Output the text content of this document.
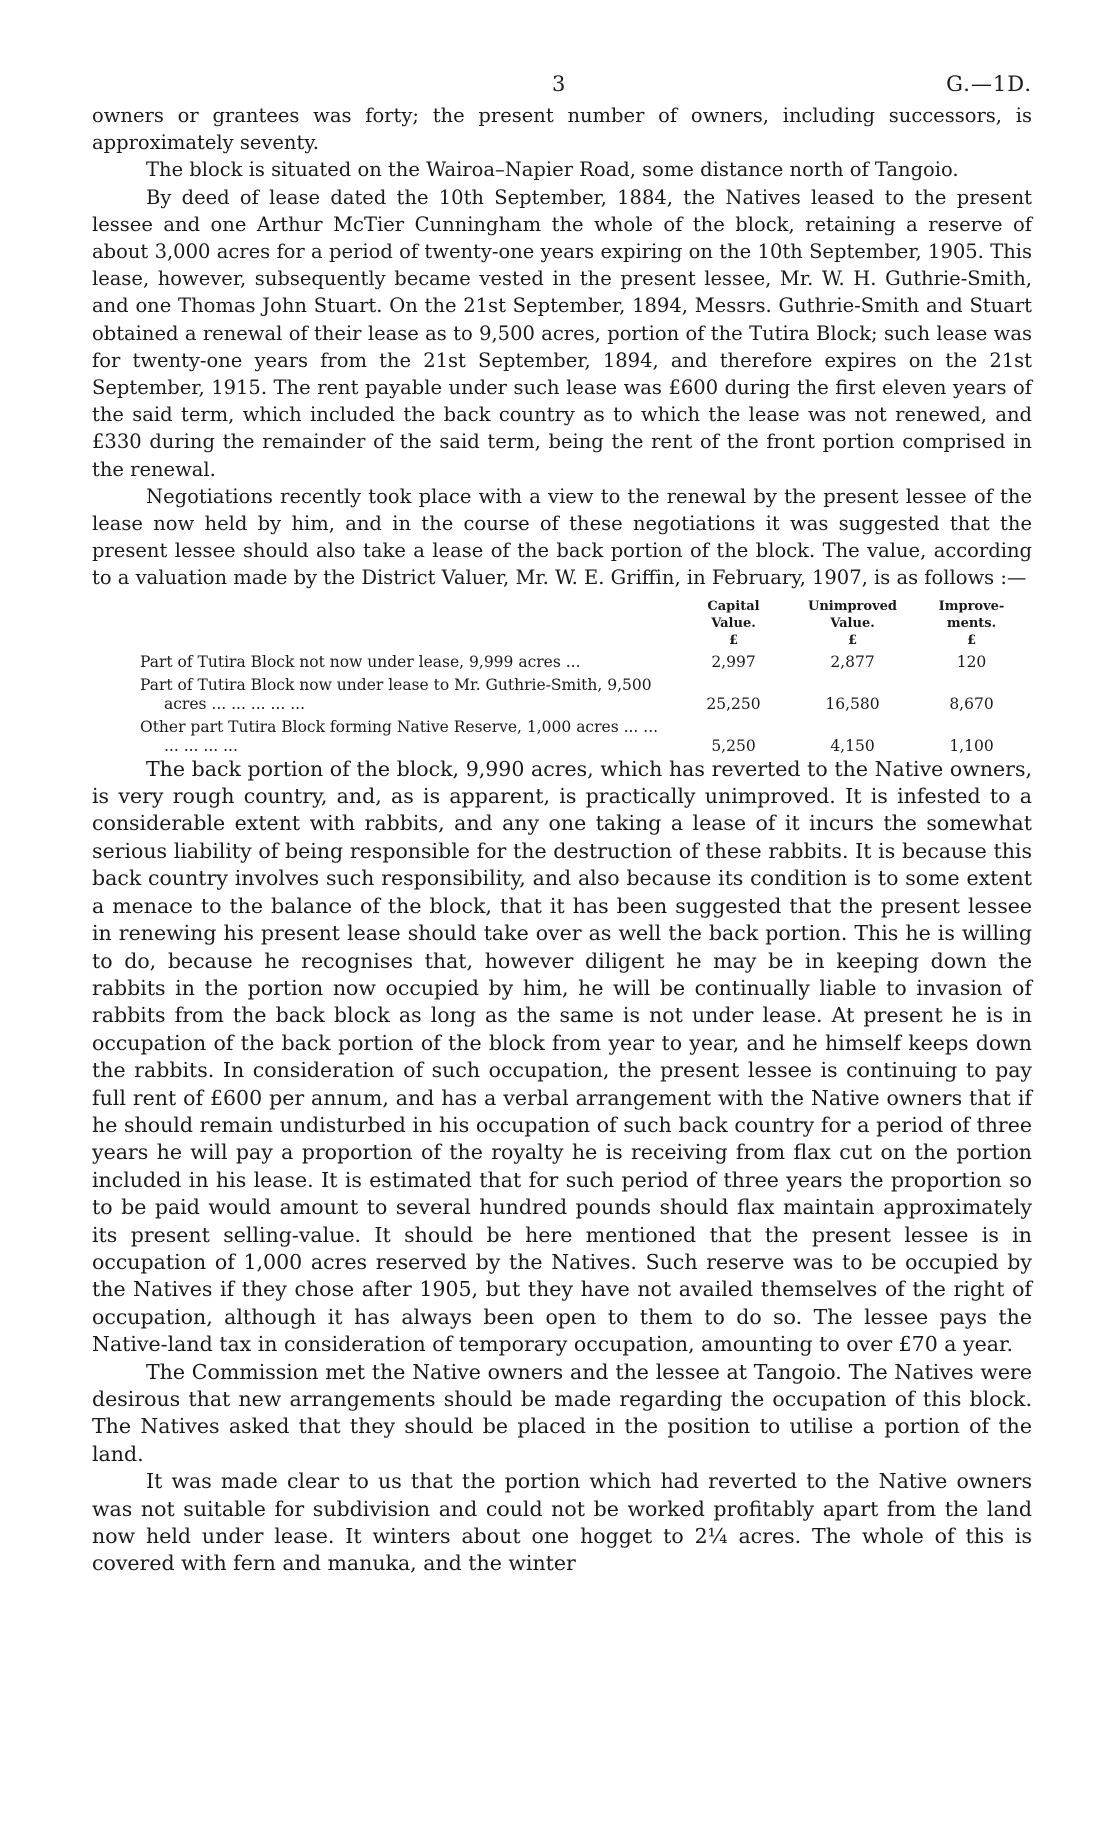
3	G.—1D.

owners or grantees was forty; the present number of owners, including successors, is approximately seventy.

The block is situated on the Wairoa–Napier Road, some distance north of Tangoio.

By deed of lease dated the 10th September, 1884, the Natives leased to the present lessee and one Arthur McTier Cunningham the whole of the block, retaining a reserve of about 3,000 acres for a period of twenty-one years expiring on the 10th September, 1905. This lease, however, subsequently became vested in the present lessee, Mr. W. H. Guthrie-Smith, and one Thomas John Stuart. On the 21st September, 1894, Messrs. Guthrie-Smith and Stuart obtained a renewal of their lease as to 9,500 acres, portion of the Tutira Block; such lease was for twenty-one years from the 21st September, 1894, and therefore expires on the 21st September, 1915. The rent payable under such lease was £600 during the first eleven years of the said term, which included the back country as to which the lease was not renewed, and £330 during the remainder of the said term, being the rent of the front portion comprised in the renewal.

Negotiations recently took place with a view to the renewal by the present lessee of the lease now held by him, and in the course of these negotiations it was suggested that the present lessee should also take a lease of the back portion of the block. The value, according to a valuation made by the District Valuer, Mr. W. E. Griffin, in February, 1907, is as follows :—

Capital
Value.
£
Unimproved
Value.
£
Improve-
ments.
£
Part of Tutira Block not now under lease, 9,999 acres ...	2,997	2,877	120
Part of Tutira Block now under lease to Mr. Guthrie-Smith, 9,500 acres ... ... ... ... ...	25,250	16,580	8,670
Other part Tutira Block forming Native Reserve, 1,000 acres ... ... ... ... ... ...	5,250	4,150	1,100

The back portion of the block, 9,990 acres, which has reverted to the Native owners, is very rough country, and, as is apparent, is practically unimproved. It is infested to a considerable extent with rabbits, and any one taking a lease of it incurs the somewhat serious liability of being responsible for the destruction of these rabbits. It is because this back country involves such responsibility, and also because its condition is to some extent a menace to the balance of the block, that it has been suggested that the present lessee in renewing his present lease should take over as well the back portion. This he is willing to do, because he recognises that, however diligent he may be in keeping down the rabbits in the portion now occupied by him, he will be continually liable to invasion of rabbits from the back block as long as the same is not under lease. At present he is in occupation of the back portion of the block from year to year, and he himself keeps down the rabbits. In consideration of such occupation, the present lessee is continuing to pay full rent of £600 per annum, and has a verbal arrangement with the Native owners that if he should remain undisturbed in his occupation of such back country for a period of three years he will pay a proportion of the royalty he is receiving from flax cut on the portion included in his lease. It is estimated that for such period of three years the proportion so to be paid would amount to several hundred pounds should flax maintain approximately its present selling-value. It should be here mentioned that the present lessee is in occupation of 1,000 acres reserved by the Natives. Such reserve was to be occupied by the Natives if they chose after 1905, but they have not availed themselves of the right of occupation, although it has always been open to them to do so. The lessee pays the Native-land tax in consideration of temporary occupation, amounting to over £70 a year.

The Commission met the Native owners and the lessee at Tangoio. The Natives were desirous that new arrangements should be made regarding the occupation of this block. The Natives asked that they should be placed in the position to utilise a portion of the land.

It was made clear to us that the portion which had reverted to the Native owners was not suitable for subdivision and could not be worked profitably apart from the land now held under lease. It winters about one hogget to 2¼ acres. The whole of this is covered with fern and manuka, and the winter
